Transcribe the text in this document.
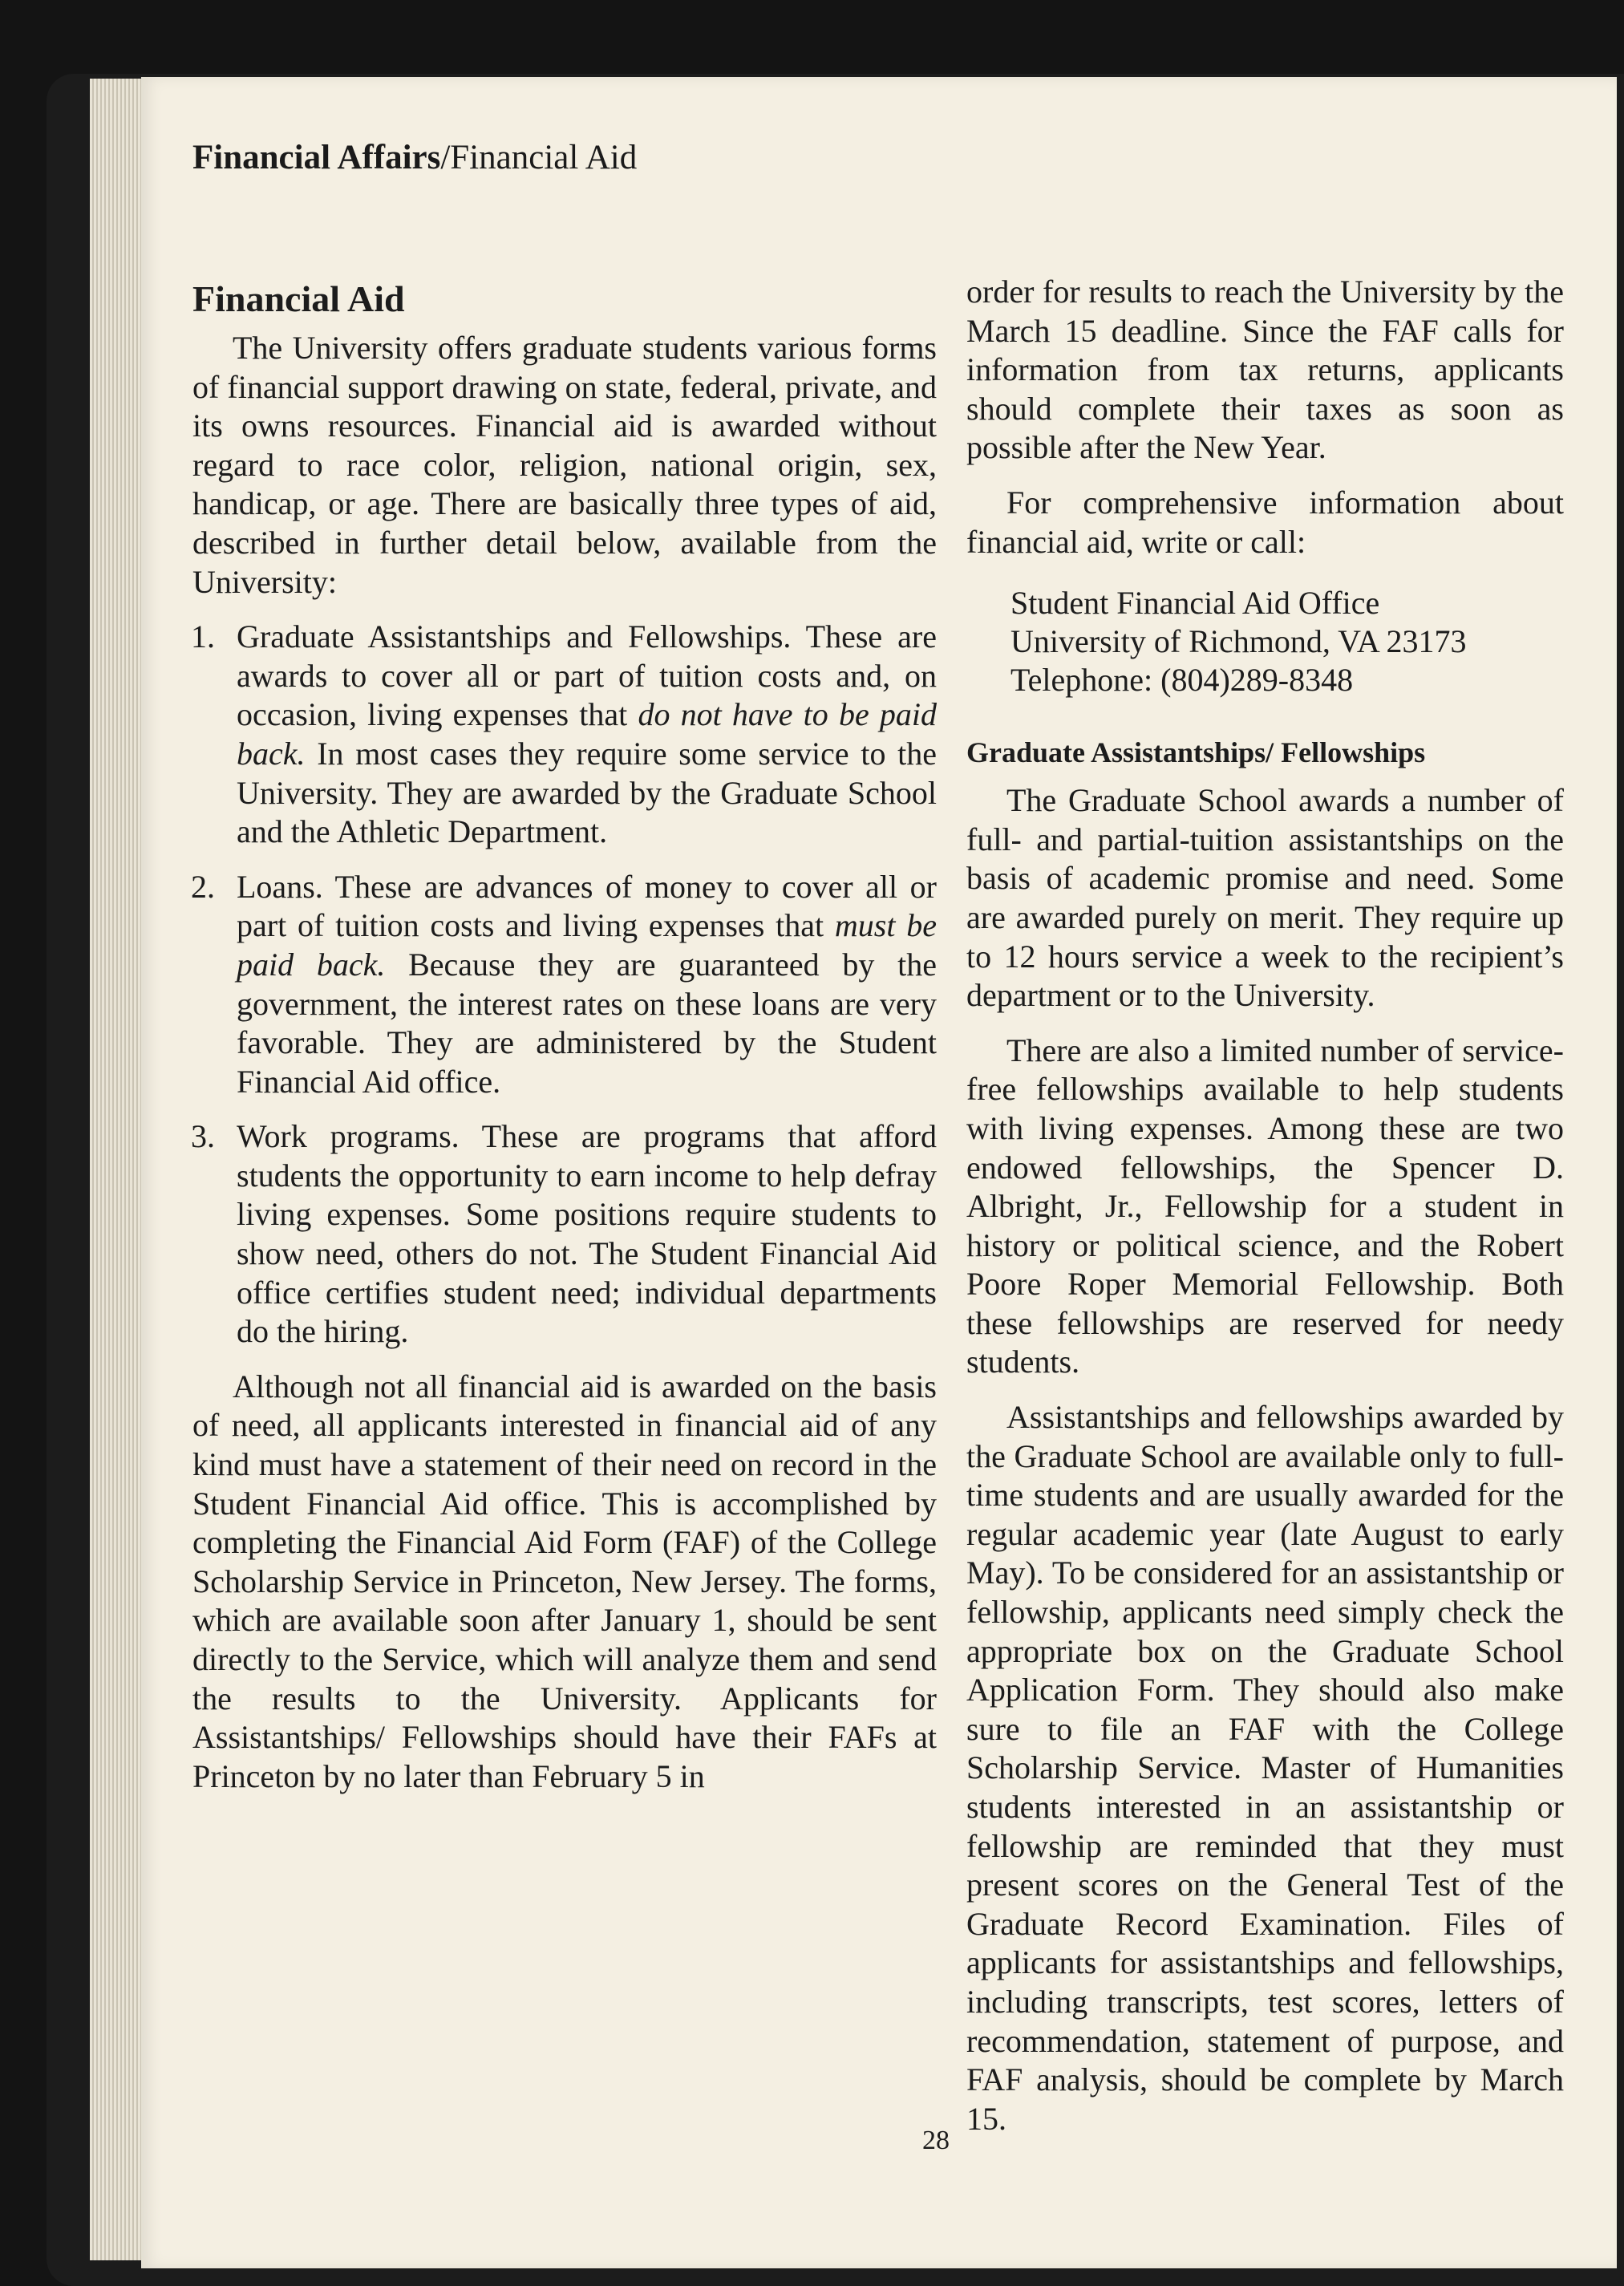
Financial Affairs/Financial Aid
Financial Aid

The University offers graduate students various forms of financial support drawing on state, federal, private, and its owns resources. Financial aid is awarded without regard to race color, religion, national origin, sex, handicap, or age. There are basically three types of aid, described in further detail below, available from the University:

1. Graduate Assistantships and Fellowships. These are awards to cover all or part of tuition costs and, on occasion, living expenses that do not have to be paid back. In most cases they require some service to the University. They are awarded by the Graduate School and the Athletic Department.
2. Loans. These are advances of money to cover all or part of tuition costs and living expenses that must be paid back. Because they are guaranteed by the government, the interest rates on these loans are very favorable. They are administered by the Student Financial Aid office.
3. Work programs. These are programs that afford students the opportunity to earn income to help defray living expenses. Some positions require students to show need, others do not. The Student Financial Aid office certifies student need; individual departments do the hiring.

Although not all financial aid is awarded on the basis of need, all applicants interested in financial aid of any kind must have a statement of their need on record in the Student Financial Aid office. This is accomplished by completing the Financial Aid Form (FAF) of the College Scholarship Service in Princeton, New Jersey. The forms, which are available soon after January 1, should be sent directly to the Service, which will analyze them and send the results to the University. Applicants for Assistantships/ Fellowships should have their FAFs at Princeton by no later than February 5 in

order for results to reach the University by the March 15 deadline. Since the FAF calls for information from tax returns, applicants should complete their taxes as soon as possible after the New Year.

For comprehensive information about financial aid, write or call:

Student Financial Aid Office
University of Richmond, VA 23173
Telephone: (804)289-8348
Graduate Assistantships/ Fellowships

The Graduate School awards a number of full- and partial-tuition assistantships on the basis of academic promise and need. Some are awarded purely on merit. They require up to 12 hours service a week to the recipient’s department or to the University.

There are also a limited number of service-free fellowships available to help students with living expenses. Among these are two endowed fellowships, the Spencer D. Albright, Jr., Fellowship for a student in history or political science, and the Robert Poore Roper Memorial Fellowship. Both these fellowships are reserved for needy students.

Assistantships and fellowships awarded by the Graduate School are available only to full-time students and are usually awarded for the regular academic year (late August to early May). To be considered for an assistantship or fellowship, applicants need simply check the appropriate box on the Graduate School Application Form. They should also make sure to file an FAF with the College Scholarship Service. Master of Humanities students interested in an assistantship or fellowship are reminded that they must present scores on the General Test of the Graduate Record Examination. Files of applicants for assistantships and fellowships, including transcripts, test scores, letters of recommendation, statement of purpose, and FAF analysis, should be complete by March 15.

28
